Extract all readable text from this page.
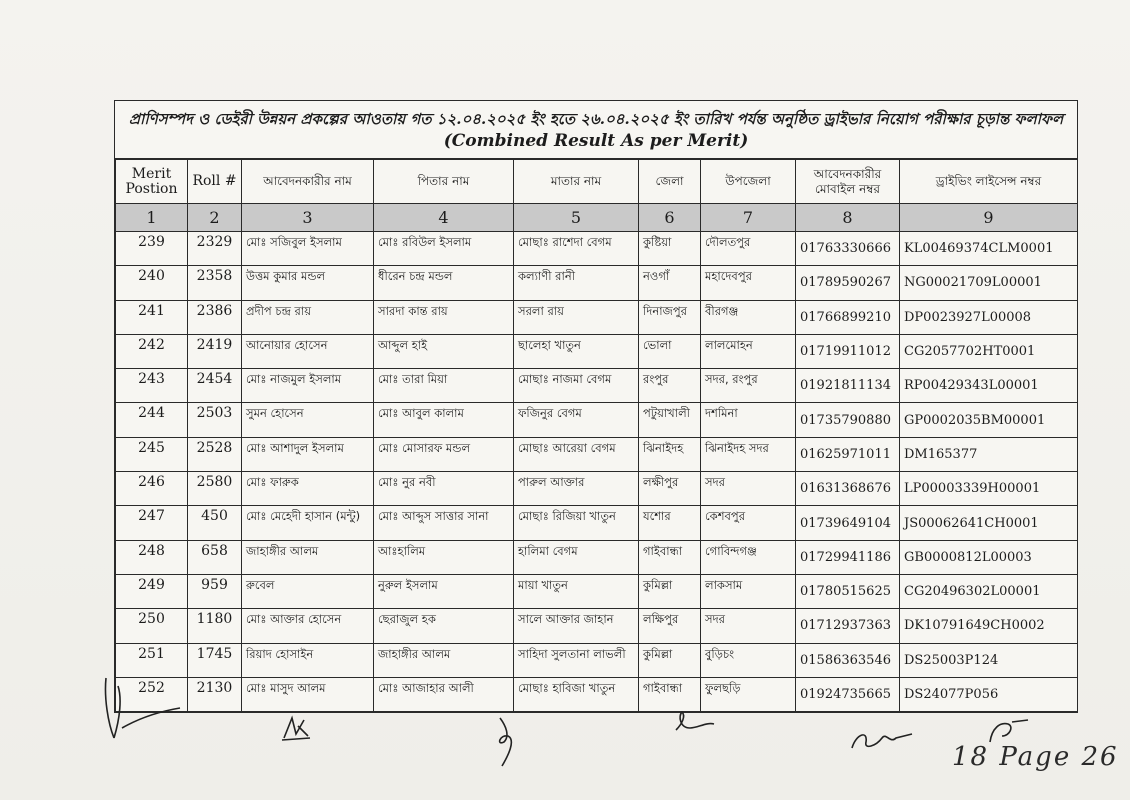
প্রাণিসম্পদ ও ডেইরী উন্নয়ন প্রকল্পের আওতায় গত ১২.০৪.২০২৫ ইং হতে ২৬.০৪.২০২৫ ইং তারিখ পর্যন্ত অনুষ্ঠিত ড্রাইভার নিয়োগ পরীক্ষার চূড়ান্ত ফলাফল (Combined Result As per Merit)
Merit Postion	Roll #	আবেদনকারীর নাম	পিতার নাম	মাতার নাম	জেলা	উপজেলা	আবেদনকারীর মোবাইল নম্বর	ড্রাইভিং লাইসেন্স নম্বর
1	2	3	4	5	6	7	8	9
239	2329	মোঃ সজিবুল ইসলাম	মোঃ রবিউল ইসলাম	মোছাঃ রাশেদা বেগম	কুষ্টিয়া	দৌলতপুর	01763330666	KL00469374CLM0001
240	2358	উত্তম কুমার মন্ডল	ধীরেন চন্দ্র মন্ডল	কল্যাণী রানী	নওগাঁ	মহাদেবপুর	01789590267	NG00021709L00001
241	2386	প্রদীপ চন্দ্র রায়	সারদা কান্ত রায়	সরলা রায়	দিনাজপুর	বীরগঞ্জ	01766899210	DP0023927L00008
242	2419	আনোয়ার হোসেন	আব্দুল হাই	ছালেহা খাতুন	ভোলা	লালমোহন	01719911012	CG2057702HT0001
243	2454	মোঃ নাজমুল ইসলাম	মোঃ তারা মিয়া	মোছাঃ নাজমা বেগম	রংপুর	সদর, রংপুর	01921811134	RP00429343L00001
244	2503	সুমন হোসেন	মোঃ আবুল কালাম	ফজিনুর বেগম	পটুয়াখালী	দশমিনা	01735790880	GP0002035BM00001
245	2528	মোঃ আশাদুল ইসলাম	মোঃ মোসারফ মন্ডল	মোছাঃ আরেয়া বেগম	ঝিনাইদহ	ঝিনাইদহ সদর	01625971011	DM165377
246	2580	মোঃ ফারুক	মোঃ নুর নবী	পারুল আক্তার	লক্ষীপুর	সদর	01631368676	LP00003339H00001
247	450	মোঃ মেহেদী হাসান (মন্টু)	মোঃ আব্দুস সাত্তার সানা	মোছাঃ রিজিয়া খাতুন	যশোর	কেশবপুর	01739649104	JS00062641CH0001
248	658	জাহাঙ্গীর আলম	আঃহালিম	হালিমা বেগম	গাইবান্ধা	গোবিন্দগঞ্জ	01729941186	GB0000812L00003
249	959	রুবেল	নুরুল ইসলাম	মায়া খাতুন	কুমিল্লা	লাকসাম	01780515625	CG20496302L00001
250	1180	মোঃ আক্তার হোসেন	ছেরাজুল হক	সালে আক্তার জাহান	লক্ষিপুর	সদর	01712937363	DK10791649CH0002
251	1745	রিয়াদ হোসাইন	জাহাঙ্গীর আলম	সাহিদা সুলতানা লাভলী	কুমিল্লা	বুড়িচং	01586363546	DS25003P124
252	2130	মোঃ মাসুদ আলম	মোঃ আজাহার আলী	মোছাঃ হাবিজা খাতুন	গাইবান্ধা	ফুলছড়ি	01924735665	DS24077P056
18 Page 26
